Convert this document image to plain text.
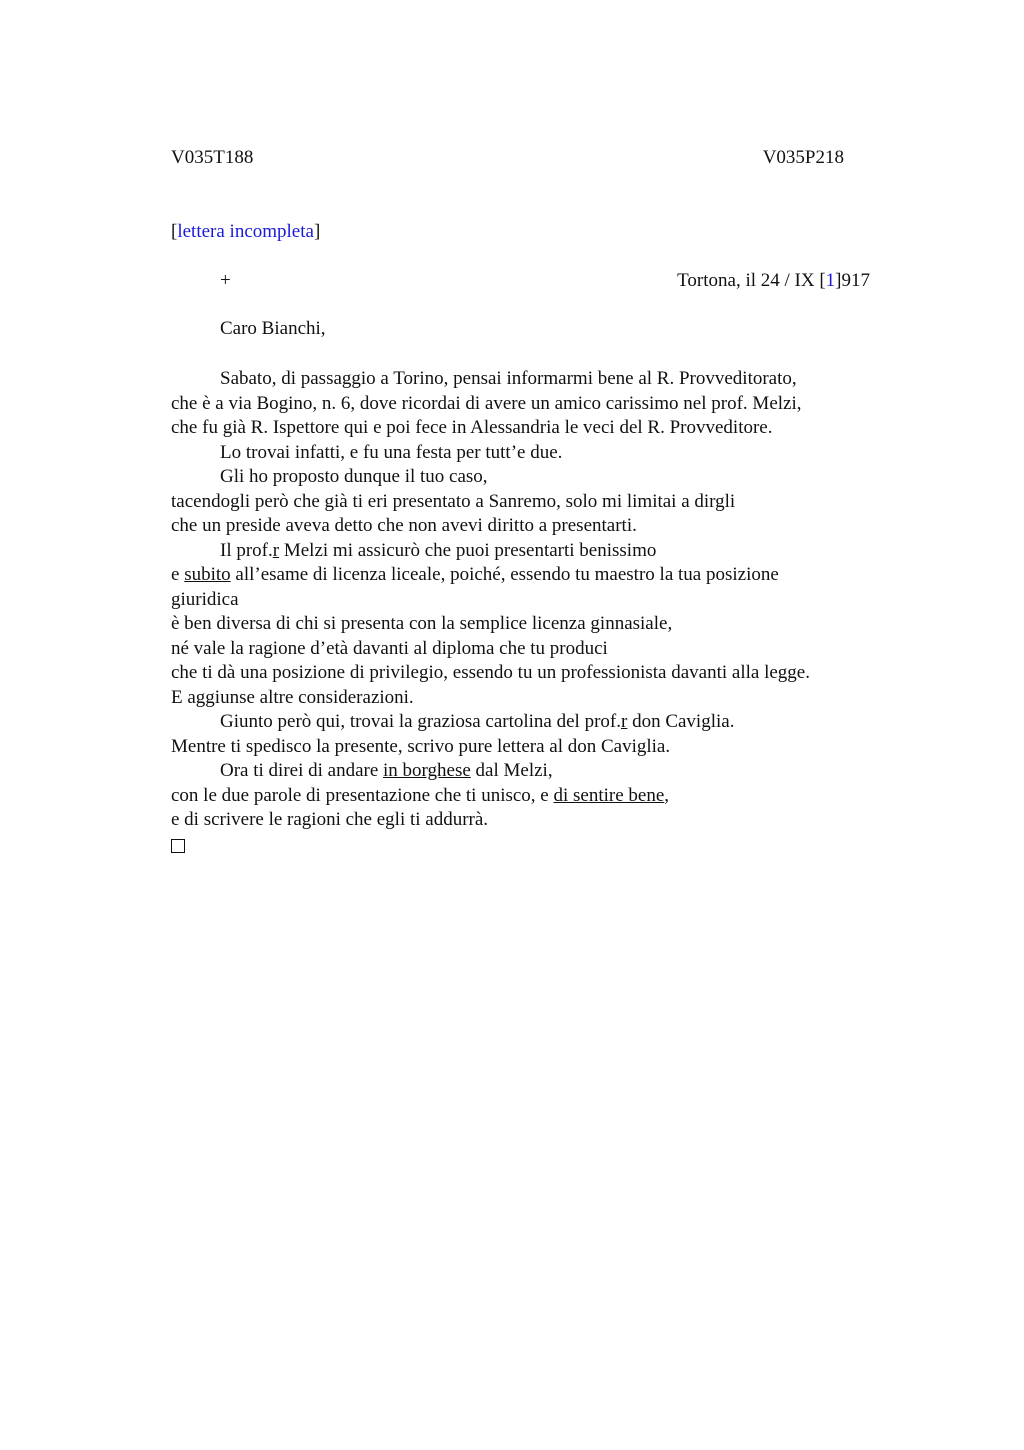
V035T188	V035P218
[lettera incompleta]
+	Tortona, il 24 / IX [1]917
Caro Bianchi,
Sabato, di passaggio a Torino, pensai informarmi bene al R. Provveditorato,
che è a via Bogino, n. 6, dove ricordai di avere un amico carissimo nel prof. Melzi,
che fu già R. Ispettore qui e poi fece in Alessandria le veci del R. Provveditore.
Lo trovai infatti, e fu una festa per tutt’e due.
Gli ho proposto dunque il tuo caso,
tacendogli però che già ti eri presentato a Sanremo, solo mi limitai a dirgli
che un preside aveva detto che non avevi diritto a presentarti.
Il prof.r Melzi mi assicurò che puoi presentarti benissimo
e subito all’esame di licenza liceale, poiché, essendo tu maestro la tua posizione
giuridica
è ben diversa di chi si presenta con la semplice licenza ginnasiale,
né vale la ragione d’età davanti al diploma che tu produci
che ti dà una posizione di privilegio, essendo tu un professionista davanti alla legge.
E aggiunse altre considerazioni.
Giunto però qui, trovai la graziosa cartolina del prof.r don Caviglia.
Mentre ti spedisco la presente, scrivo pure lettera al don Caviglia.
Ora ti direi di andare in borghese dal Melzi,
con le due parole di presentazione che ti unisco, e di sentire bene,
e di scrivere le ragioni che egli ti addurrà.
